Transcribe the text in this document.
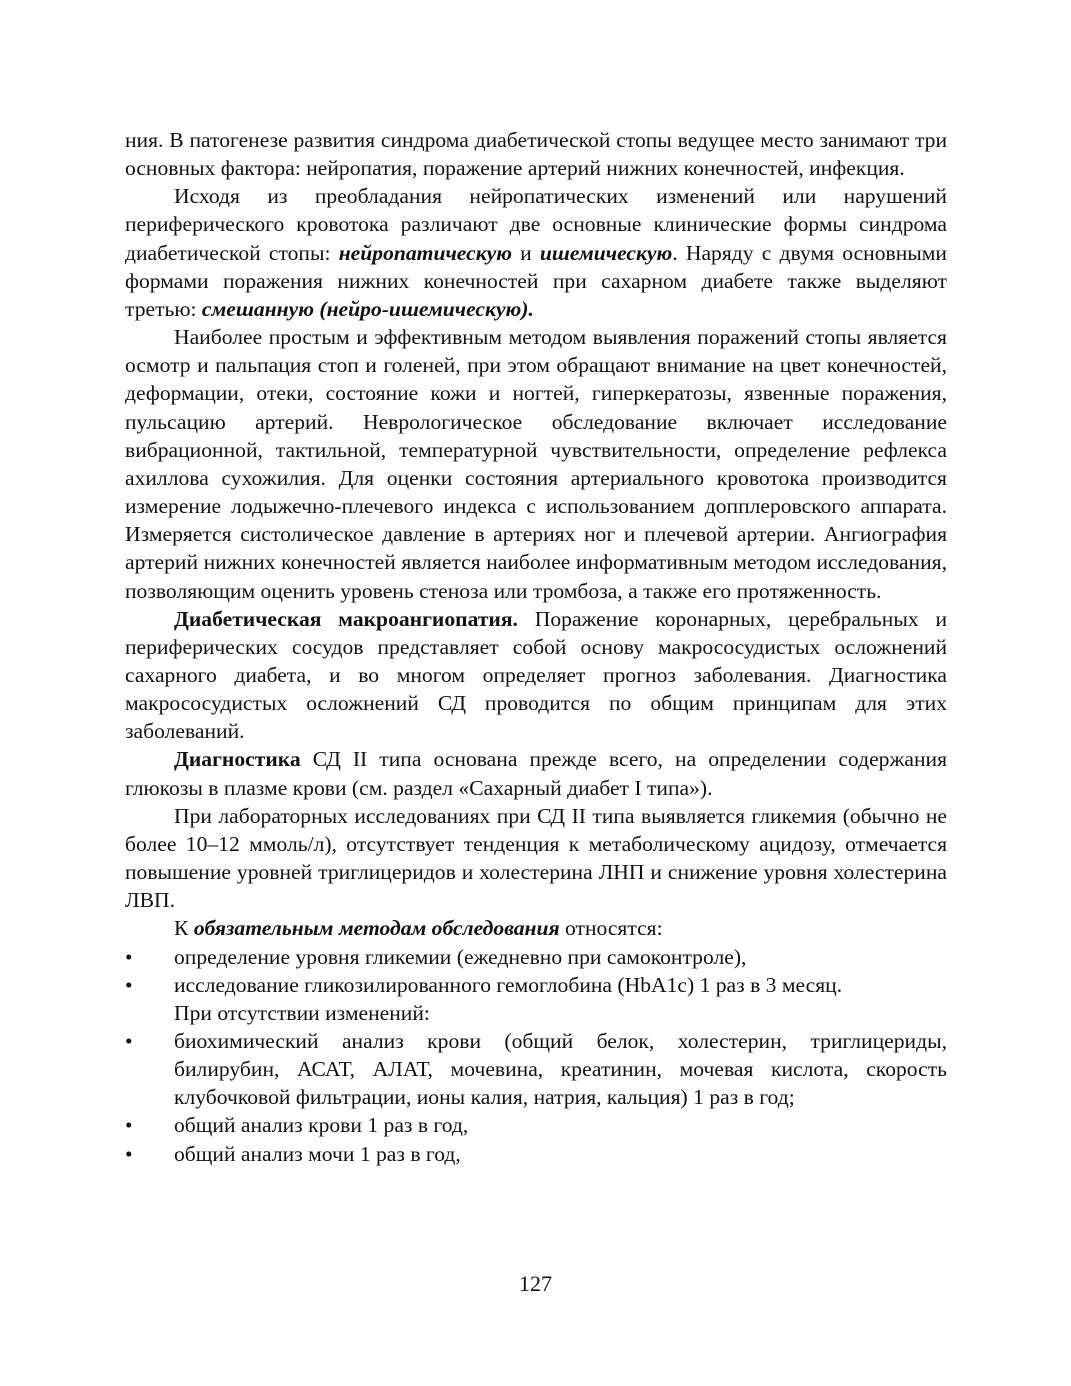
ния. В патогенезе развития синдрома диабетической стопы ведущее место занимают три основных фактора: нейропатия, поражение артерий нижних конечностей, инфекция.

Исходя из преобладания нейропатических изменений или нарушений периферического кровотока различают две основные клинические формы синдрома диабетической стопы: нейропатическую и ишемическую. Наряду с двумя основными формами поражения нижних конечностей при сахарном диабете также выделяют третью: смешанную (нейро-ишемическую).

Наиболее простым и эффективным методом выявления поражений стопы является осмотр и пальпация стоп и голеней, при этом обращают внимание на цвет конечностей, деформации, отеки, состояние кожи и ногтей, гиперкератозы, язвенные поражения, пульсацию артерий. Неврологическое обследование включает исследование вибрационной, тактильной, температурной чувствительности, определение рефлекса ахиллова сухожилия. Для оценки состояния артериального кровотока производится измерение лодыжечно-плечевого индекса с использованием допплеровского аппарата. Измеряется систолическое давление в артериях ног и плечевой артерии. Ангиография артерий нижних конечностей является наиболее информативным методом исследования, позволяющим оценить уровень стеноза или тромбоза, а также его протяженность.

Диабетическая макроангиопатия. Поражение коронарных, церебральных и периферических сосудов представляет собой основу макрососудистых осложнений сахарного диабета, и во многом определяет прогноз заболевания. Диагностика макрососудистых осложнений СД проводится по общим принципам для этих заболеваний.

Диагностика СД II типа основана прежде всего, на определении содержания глюкозы в плазме крови (см. раздел «Сахарный диабет I типа»).

При лабораторных исследованиях при СД II типа выявляется гликемия (обычно не более 10–12 ммоль/л), отсутствует тенденция к метаболическому ацидозу, отмечается повышение уровней триглицеридов и холестерина ЛНП и снижение уровня холестерина ЛВП.

К обязательным методам обследования относятся:

• определение уровня гликемии (ежедневно при самоконтроле),

• исследование гликозилированного гемоглобина (HbA1c) 1 раз в 3 месяц.

При отсутствии изменений:

• биохимический анализ крови (общий белок, холестерин, триглицериды, билирубин, АСАТ, АЛАТ, мочевина, креатинин, мочевая кислота, скорость клубочковой фильтрации, ионы калия, натрия, кальция) 1 раз в год;

• общий анализ крови 1 раз в год,

• общий анализ мочи 1 раз в год,

127
